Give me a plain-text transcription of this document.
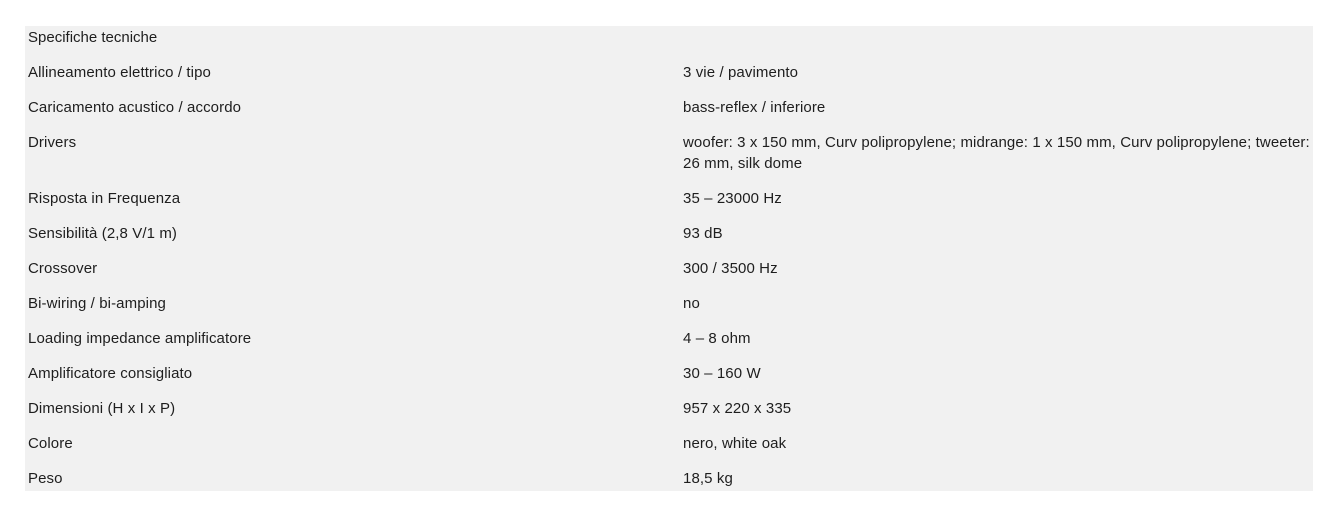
Specifiche tecniche
Allineamento elettrico / tipo	3 vie / pavimento
Caricamento acustico / accordo	bass-reflex / inferiore
Drivers	woofer: 3 x 150 mm, Curv polipropylene; midrange: 1 x 150 mm, Curv polipropylene; tweeter: 26 mm, silk dome
Risposta in Frequenza	35 – 23000 Hz
Sensibilità (2,8 V/1 m)	93 dB
Crossover	300 / 3500 Hz
Bi-wiring / bi-amping	no
Loading impedance amplificatore	4 – 8 ohm
Amplificatore consigliato	30 – 160 W
Dimensioni (H x I x P)	957 x 220 x 335
Colore	nero, white oak
Peso	18,5 kg
